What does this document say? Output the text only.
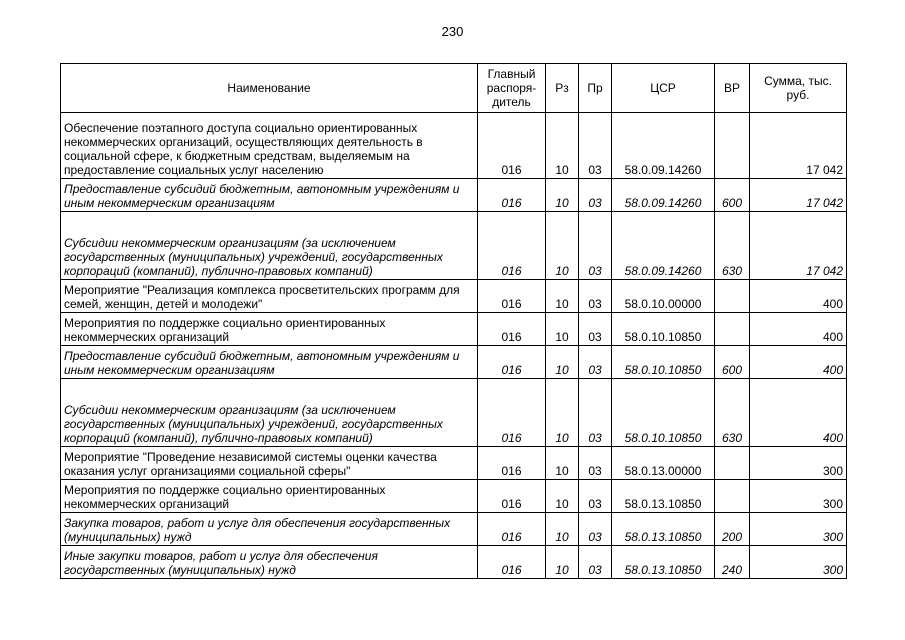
230
Наименование	Главный распоря-дитель	Рз	Пр	ЦСР	ВР	Сумма, тыс. руб.
Обеспечение поэтапного доступа социально ориентированных некоммерческих организаций, осуществляющих деятельность в социальной сфере, к бюджетным средствам, выделяемым на предоставление социальных услуг населению	016	10	03	58.0.09.14260		17 042
Предоставление субсидий бюджетным, автономным учреждениям и иным некоммерческим организациям	016	10	03	58.0.09.14260	600	17 042
Субсидии некоммерческим организациям (за исключением государственных (муниципальных) учреждений, государственных корпораций (компаний), публично-правовых компаний)	016	10	03	58.0.09.14260	630	17 042
Мероприятие "Реализация комплекса просветительских программ для семей, женщин, детей и молодежи"	016	10	03	58.0.10.00000		400
Мероприятия по поддержке социально ориентированных некоммерческих организаций	016	10	03	58.0.10.10850		400
Предоставление субсидий бюджетным, автономным учреждениям и иным некоммерческим организациям	016	10	03	58.0.10.10850	600	400
Субсидии некоммерческим организациям (за исключением государственных (муниципальных) учреждений, государственных корпораций (компаний), публично-правовых компаний)	016	10	03	58.0.10.10850	630	400
Мероприятие "Проведение независимой системы оценки качества оказания услуг организациями социальной сферы"	016	10	03	58.0.13.00000		300
Мероприятия по поддержке социально ориентированных некоммерческих организаций	016	10	03	58.0.13.10850		300
Закупка товаров, работ и услуг для обеспечения государственных (муниципальных) нужд	016	10	03	58.0.13.10850	200	300
Иные закупки товаров, работ и услуг для обеспечения государственных (муниципальных) нужд	016	10	03	58.0.13.10850	240	300
